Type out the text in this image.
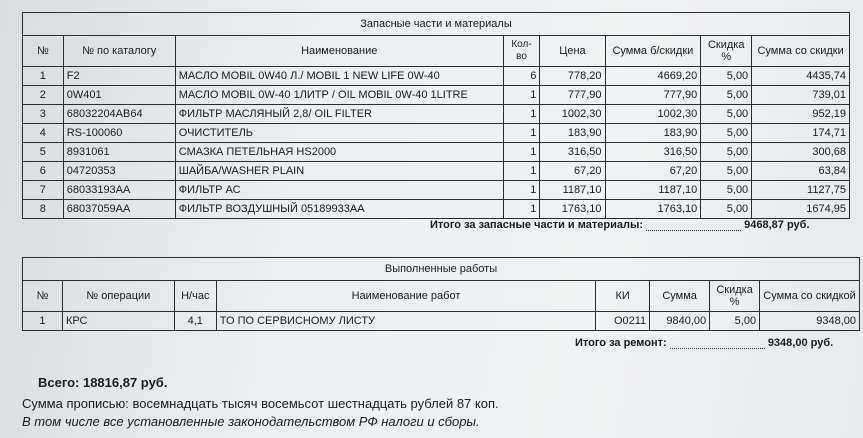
Запасные части и материалы							
№	№ по каталогу	Наименование	Кол-во	Цена	Сумма б/скидки	Скидка %	Сумма со скидки
1	F2	МАСЛО MOBIL 0W40 Л./ MOBIL 1 NEW LIFE 0W-40	6	778,20	4669,20	5,00	4435,74
2	0W401	МАСЛО MOBIL 0W-40 1ЛИТР / OIL MOBIL 0W-40 1LITRE	1	777,90	777,90	5,00	739,01
3	68032204AB64	ФИЛЬТР МАСЛЯНЫЙ 2,8/ OIL FILTER	1	1002,30	1002,30	5,00	952,19
4	RS-100060	ОЧИСТИТЕЛЬ	1	183,90	183,90	5,00	174,71
5	8931061	СМАЗКА ПЕТЕЛЬНАЯ HS2000	1	316,50	316,50	5,00	300,68
6	04720353	ШАЙБА/WASHER PLAIN	1	67,20	67,20	5,00	63,84
7	68033193AA	ФИЛЬТР АС	1	1187,10	1187,10	5,00	1127,75
8	68037059AA	ФИЛЬТР ВОЗДУШНЫЙ 05189933АА	1	1763,10	1763,10	5,00	1674,95
Итого за запасные части и материалы:	9468,87 руб.
Выполненные работы							
№	№ операции	Н/час	Наименование работ	КИ	Сумма	Скидка %	Сумма со скидкой
1	КРС	4,1	ТО ПО СЕРВИСНОМУ ЛИСТУ	O0211	9840,00	5,00	9348,00
Итого за ремонт:	9348,00 руб.
Всего: 18816,87 руб.
Сумма прописью: восемнадцать тысяч восемьсот шестнадцать рублей 87 коп.
В том числе все установленные законодательством РФ налоги и сборы.
